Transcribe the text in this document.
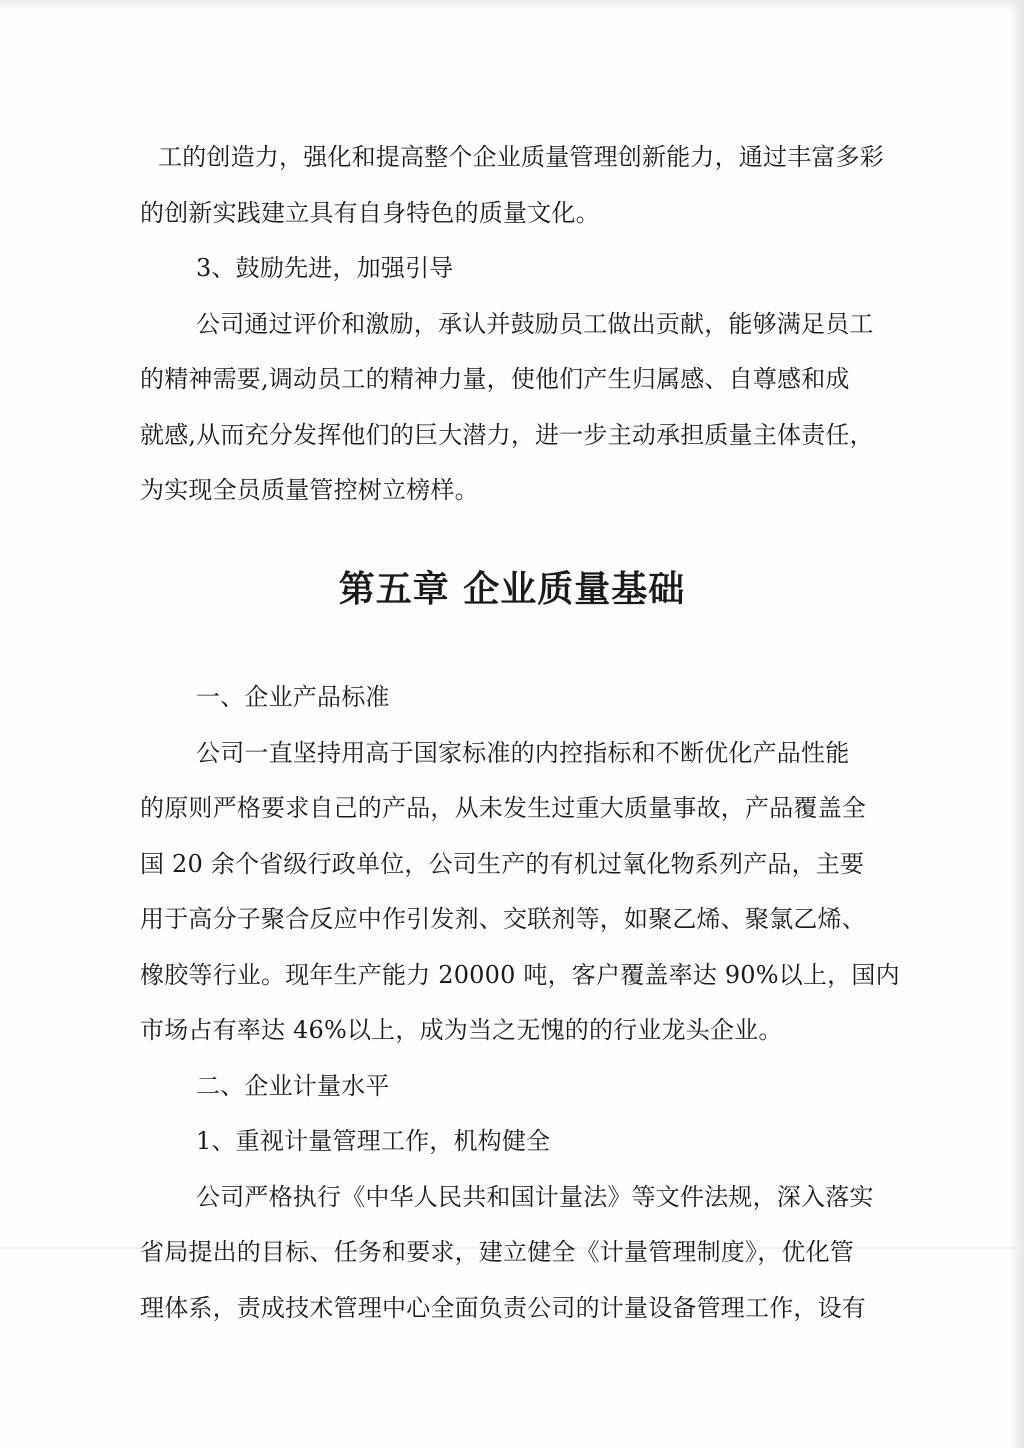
工的创造力，强化和提高整个企业质量管理创新能力，通过丰富多彩
的创新实践建立具有自身特色的质量文化。
3、鼓励先进，加强引导
公司通过评价和激励，承认并鼓励员工做出贡献，能够满足员工
的精神需要,调动员工的精神力量，使他们产生归属感、自尊感和成
就感,从而充分发挥他们的巨大潜力，进一步主动承担质量主体责任，
为实现全员质量管控树立榜样。
第五章 企业质量基础
一、企业产品标准
公司一直坚持用高于国家标准的内控指标和不断优化产品性能
的原则严格要求自己的产品，从未发生过重大质量事故，产品覆盖全
国 20 余个省级行政单位，公司生产的有机过氧化物系列产品，主要
用于高分子聚合反应中作引发剂、交联剂等，如聚乙烯、聚氯乙烯、
橡胶等行业。现年生产能力 20000 吨，客户覆盖率达 90%以上，国内
市场占有率达 46%以上，成为当之无愧的的行业龙头企业。
二、企业计量水平
1、重视计量管理工作，机构健全
公司严格执行《中华人民共和国计量法》等文件法规，深入落实
省局提出的目标、任务和要求，建立健全《计量管理制度》，优化管
理体系，责成技术管理中心全面负责公司的计量设备管理工作，设有
